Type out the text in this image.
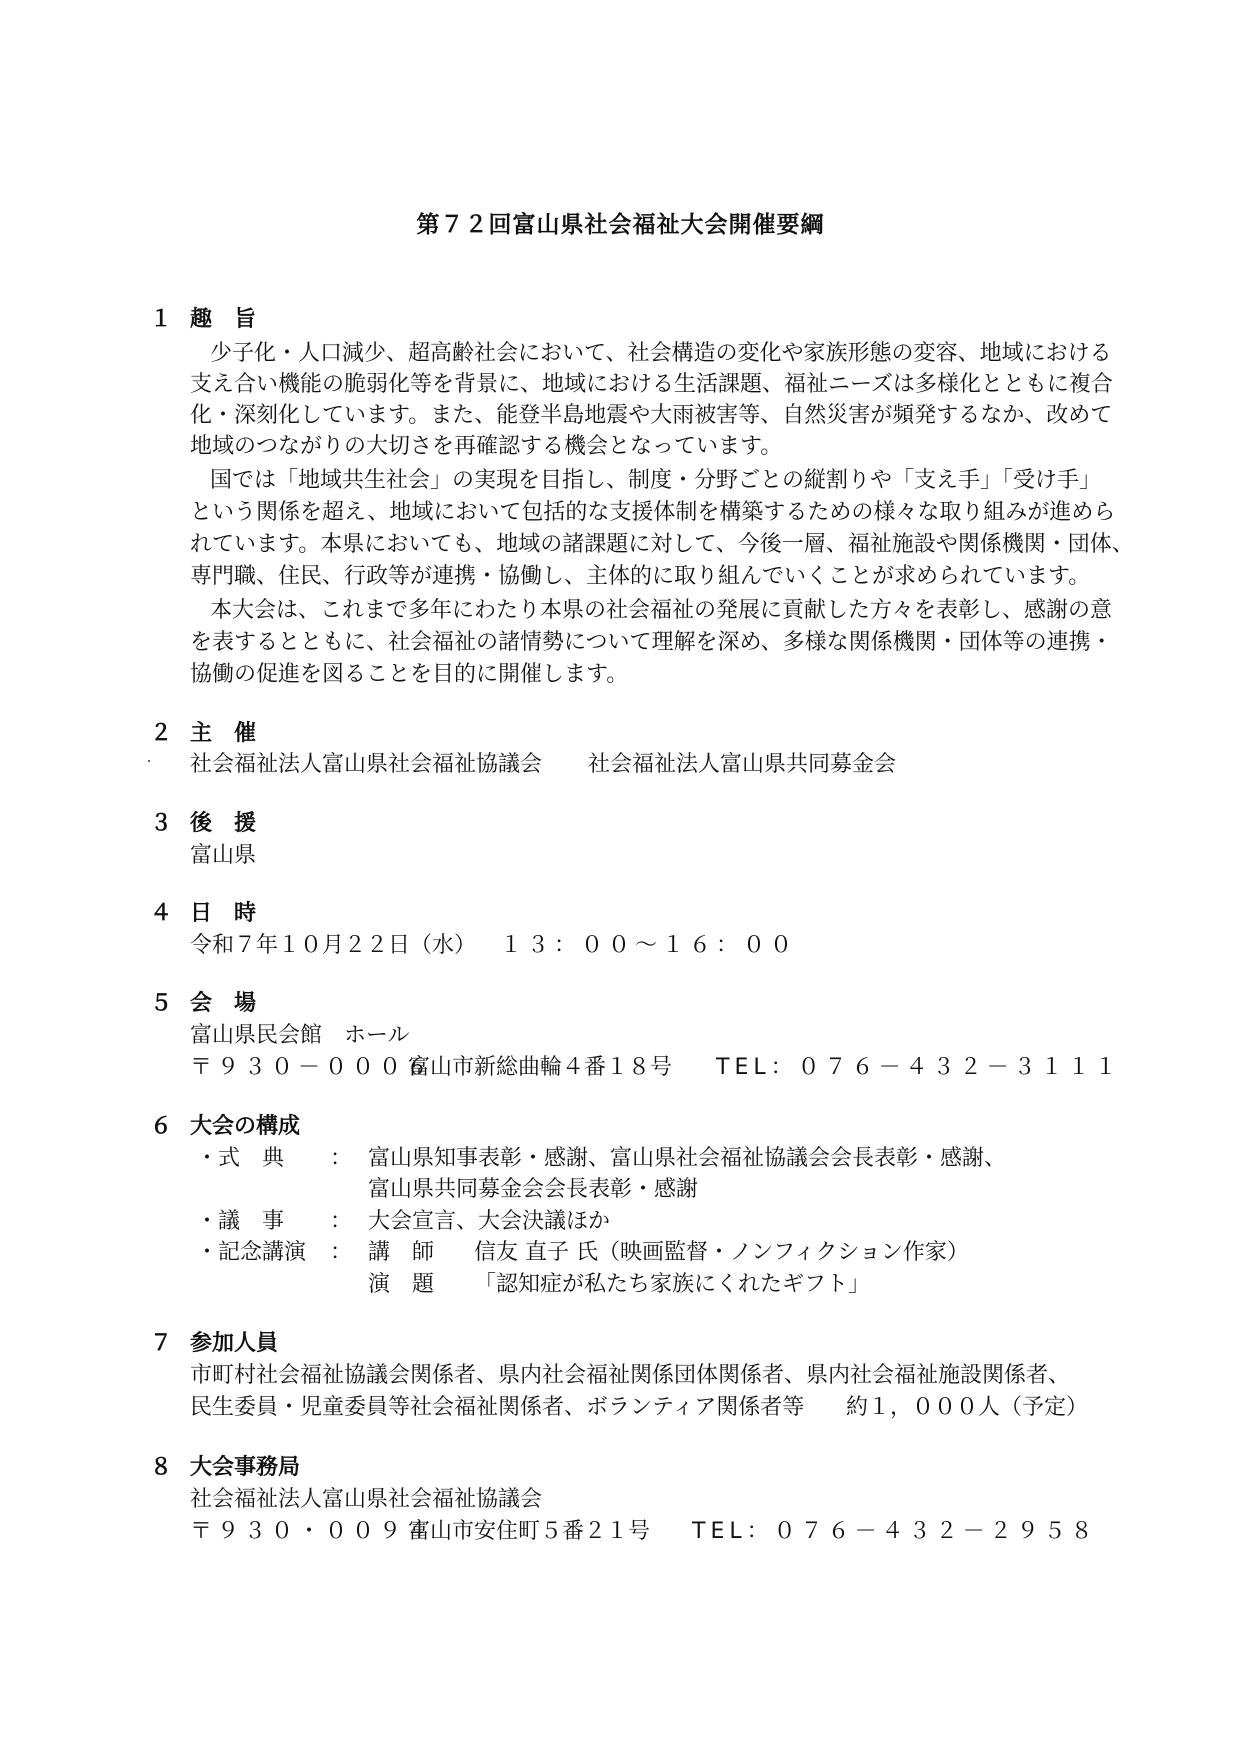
第７２回富山県社会福祉大会開催要綱
１ 趣　旨
少子化・人口減少、超高齢社会において、社会構造の変化や家族形態の変容、地域における
支え合い機能の脆弱化等を背景に、地域における生活課題、福祉ニーズは多様化とともに複合
化・深刻化しています。また、能登半島地震や大雨被害等、自然災害が頻発するなか、改めて
地域のつながりの大切さを再確認する機会となっています。
国では「地域共生社会」の実現を目指し、制度・分野ごとの縦割りや「支え手」「受け手」
という関係を超え、地域において包括的な支援体制を構築するための様々な取り組みが進めら
れています。本県においても、地域の諸課題に対して、今後一層、福祉施設や関係機関・団体、
専門職、住民、行政等が連携・協働し、主体的に取り組んでいくことが求められています。
本大会は、これまで多年にわたり本県の社会福祉の発展に貢献した方々を表彰し、感謝の意
を表するとともに、社会福祉の諸情勢について理解を深め、多様な関係機関・団体等の連携・
協働の促進を図ることを目的に開催します。
２ 主　催
社会福祉法人富山県社会福祉協議会 社会福祉法人富山県共同募金会
３ 後　援
富山県
４ 日　時
令和７年１０月２２日（水） １３：００～１６：００
５ 会　場
富山県民会館　ホール
〒９３０－０００６
富山市新総曲輪４番１８号 TEL：０７６－４３２－３１１１
６ 大会の構成
・式　典 ： 富山県知事表彰・感謝、富山県社会福祉協議会会長表彰・感謝、
富山県共同募金会会長表彰・感謝
・議　事 ： 大会宣言、大会決議ほか
・記念講演 ： 講　師 信友 直子 氏（映画監督・ノンフィクション作家）
演　題 「認知症が私たち家族にくれたギフト」
７ 参加人員
市町村社会福祉協議会関係者、県内社会福祉関係団体関係者、県内社会福祉施設関係者、
民生委員・児童委員等社会福祉関係者、ボランティア関係者等 約１，０００人（予定）
８ 大会事務局
社会福祉法人富山県社会福祉協議会
〒９３０・００９４
富山市安住町５番２１号 TEL：０７６－４３２－２９５８
